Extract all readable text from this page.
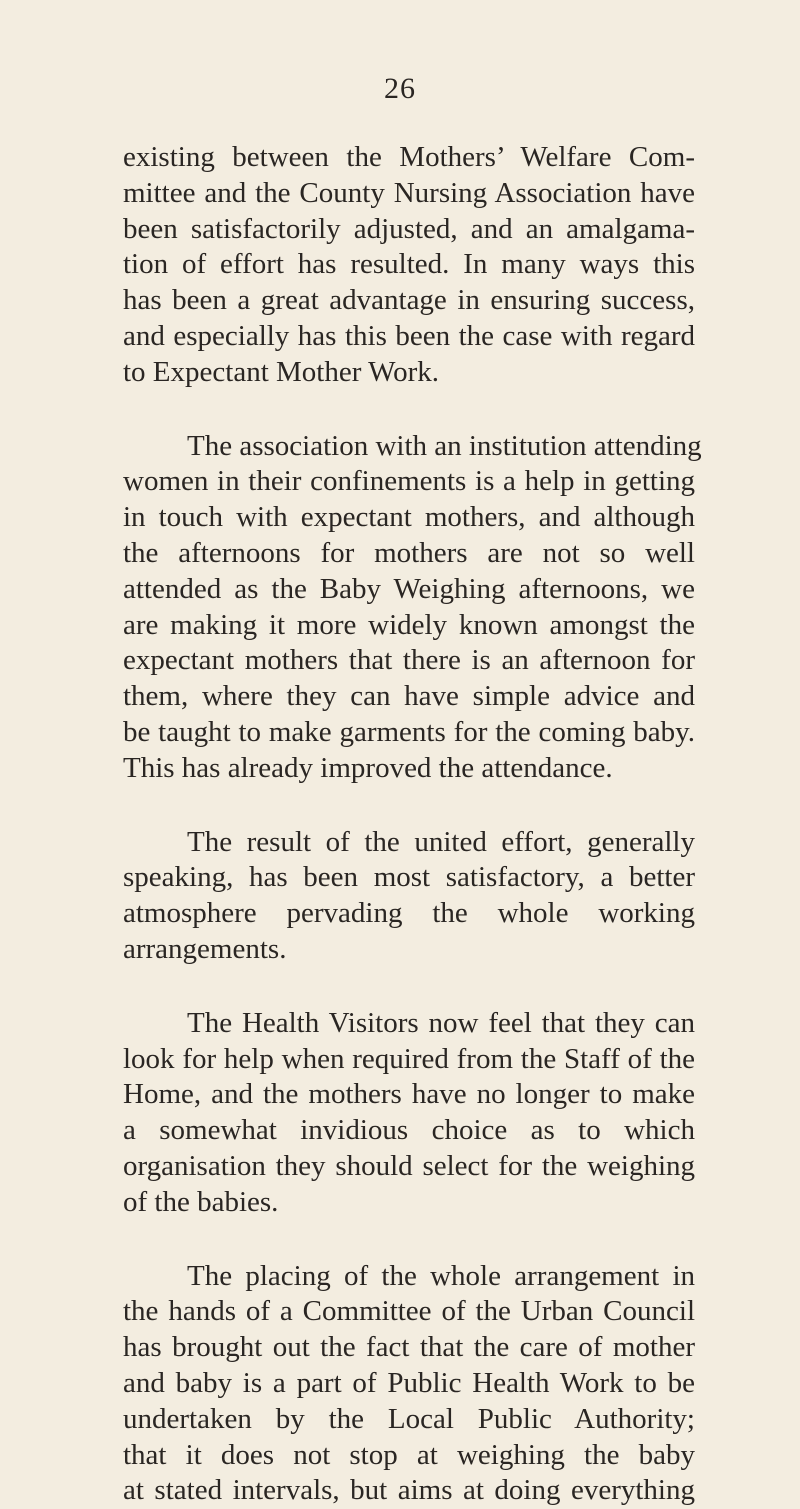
26
existing between the Mothers’ Welfare Com-
mittee and the County Nursing Association have
been satisfactorily adjusted, and an amalgama-
tion of effort has resulted. In many ways this
has been a great advantage in ensuring success,
and especially has this been the case with regard
to Expectant Mother Work.
The association with an institution attending
women in their confinements is a help in getting
in touch with expectant mothers, and although
the afternoons for mothers are not so well
attended as the Baby Weighing afternoons, we
are making it more widely known amongst the
expectant mothers that there is an afternoon for
them, where they can have simple advice and
be taught to make garments for the coming baby.
This has already improved the attendance.
The result of the united effort, generally
speaking, has been most satisfactory, a better
atmosphere pervading the whole working
arrangements.
The Health Visitors now feel that they can
look for help when required from the Staff of the
Home, and the mothers have no longer to make
a somewhat invidious choice as to which
organisation they should select for the weighing
of the babies.
The placing of the whole arrangement in
the hands of a Committee of the Urban Council
has brought out the fact that the care of mother
and baby is a part of Public Health Work to be
undertaken by the Local Public Authority;
that it does not stop at weighing the baby
at stated intervals, but aims at doing everything
